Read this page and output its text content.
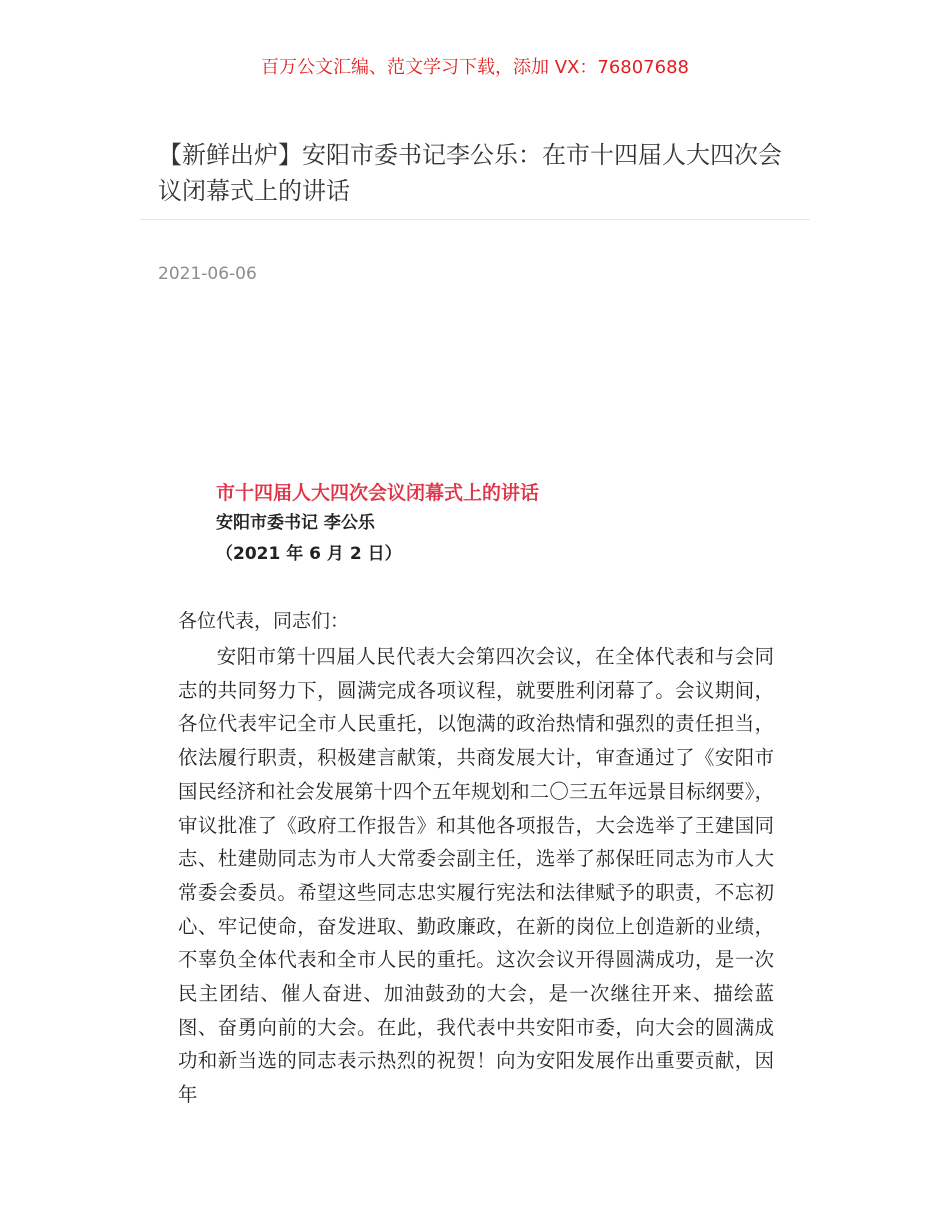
百万公文汇编、范文学习下载，添加 VX：76807688
【新鲜出炉】安阳市委书记李公乐：在市十四届人大四次会议闭幕式上的讲话
2021-06-06
市十四届人大四次会议闭幕式上的讲话
安阳市委书记 李公乐
（2021 年 6 月 2 日）
各位代表，同志们：

安阳市第十四届人民代表大会第四次会议，在全体代表和与会同志的共同努力下，圆满完成各项议程，就要胜利闭幕了。会议期间，各位代表牢记全市人民重托，以饱满的政治热情和强烈的责任担当，依法履行职责，积极建言献策，共商发展大计，审查通过了《安阳市国民经济和社会发展第十四个五年规划和二〇三五年远景目标纲要》，审议批准了《政府工作报告》和其他各项报告，大会选举了王建国同志、杜建勋同志为市人大常委会副主任，选举了郝保旺同志为市人大常委会委员。希望这些同志忠实履行宪法和法律赋予的职责，不忘初心、牢记使命，奋发进取、勤政廉政，在新的岗位上创造新的业绩，不辜负全体代表和全市人民的重托。这次会议开得圆满成功，是一次民主团结、催人奋进、加油鼓劲的大会，是一次继往开来、描绘蓝图、奋勇向前的大会。在此，我代表中共安阳市委，向大会的圆满成功和新当选的同志表示热烈的祝贺！向为安阳发展作出重要贡献，因年
